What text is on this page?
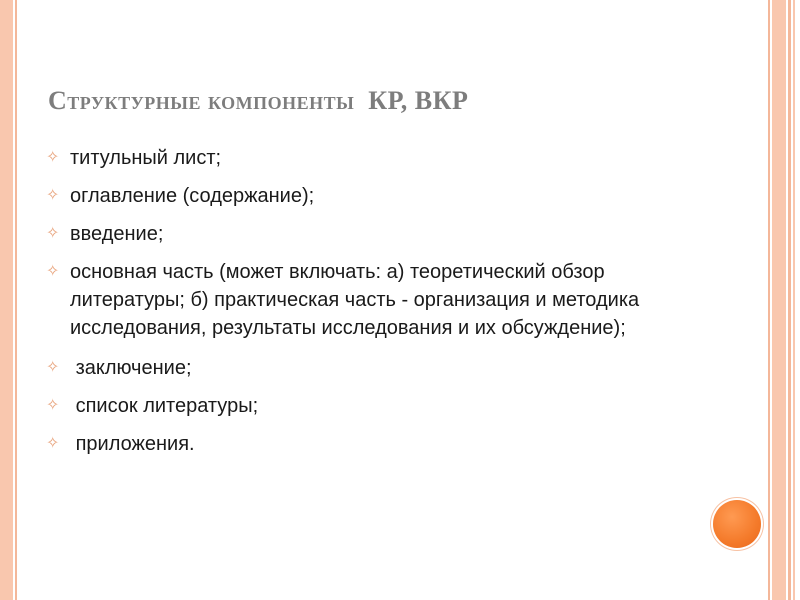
Структурные компоненты  КР, ВКР
✧ титульный лист;
✧ оглавление (содержание);
✧ введение;
✧ основная часть (может включать: а) теоретический обзор литературы; б) практическая часть - организация и методика исследования, результаты исследования и их обсуждение);
✧ заключение;
✧ список литературы;
✧ приложения.
